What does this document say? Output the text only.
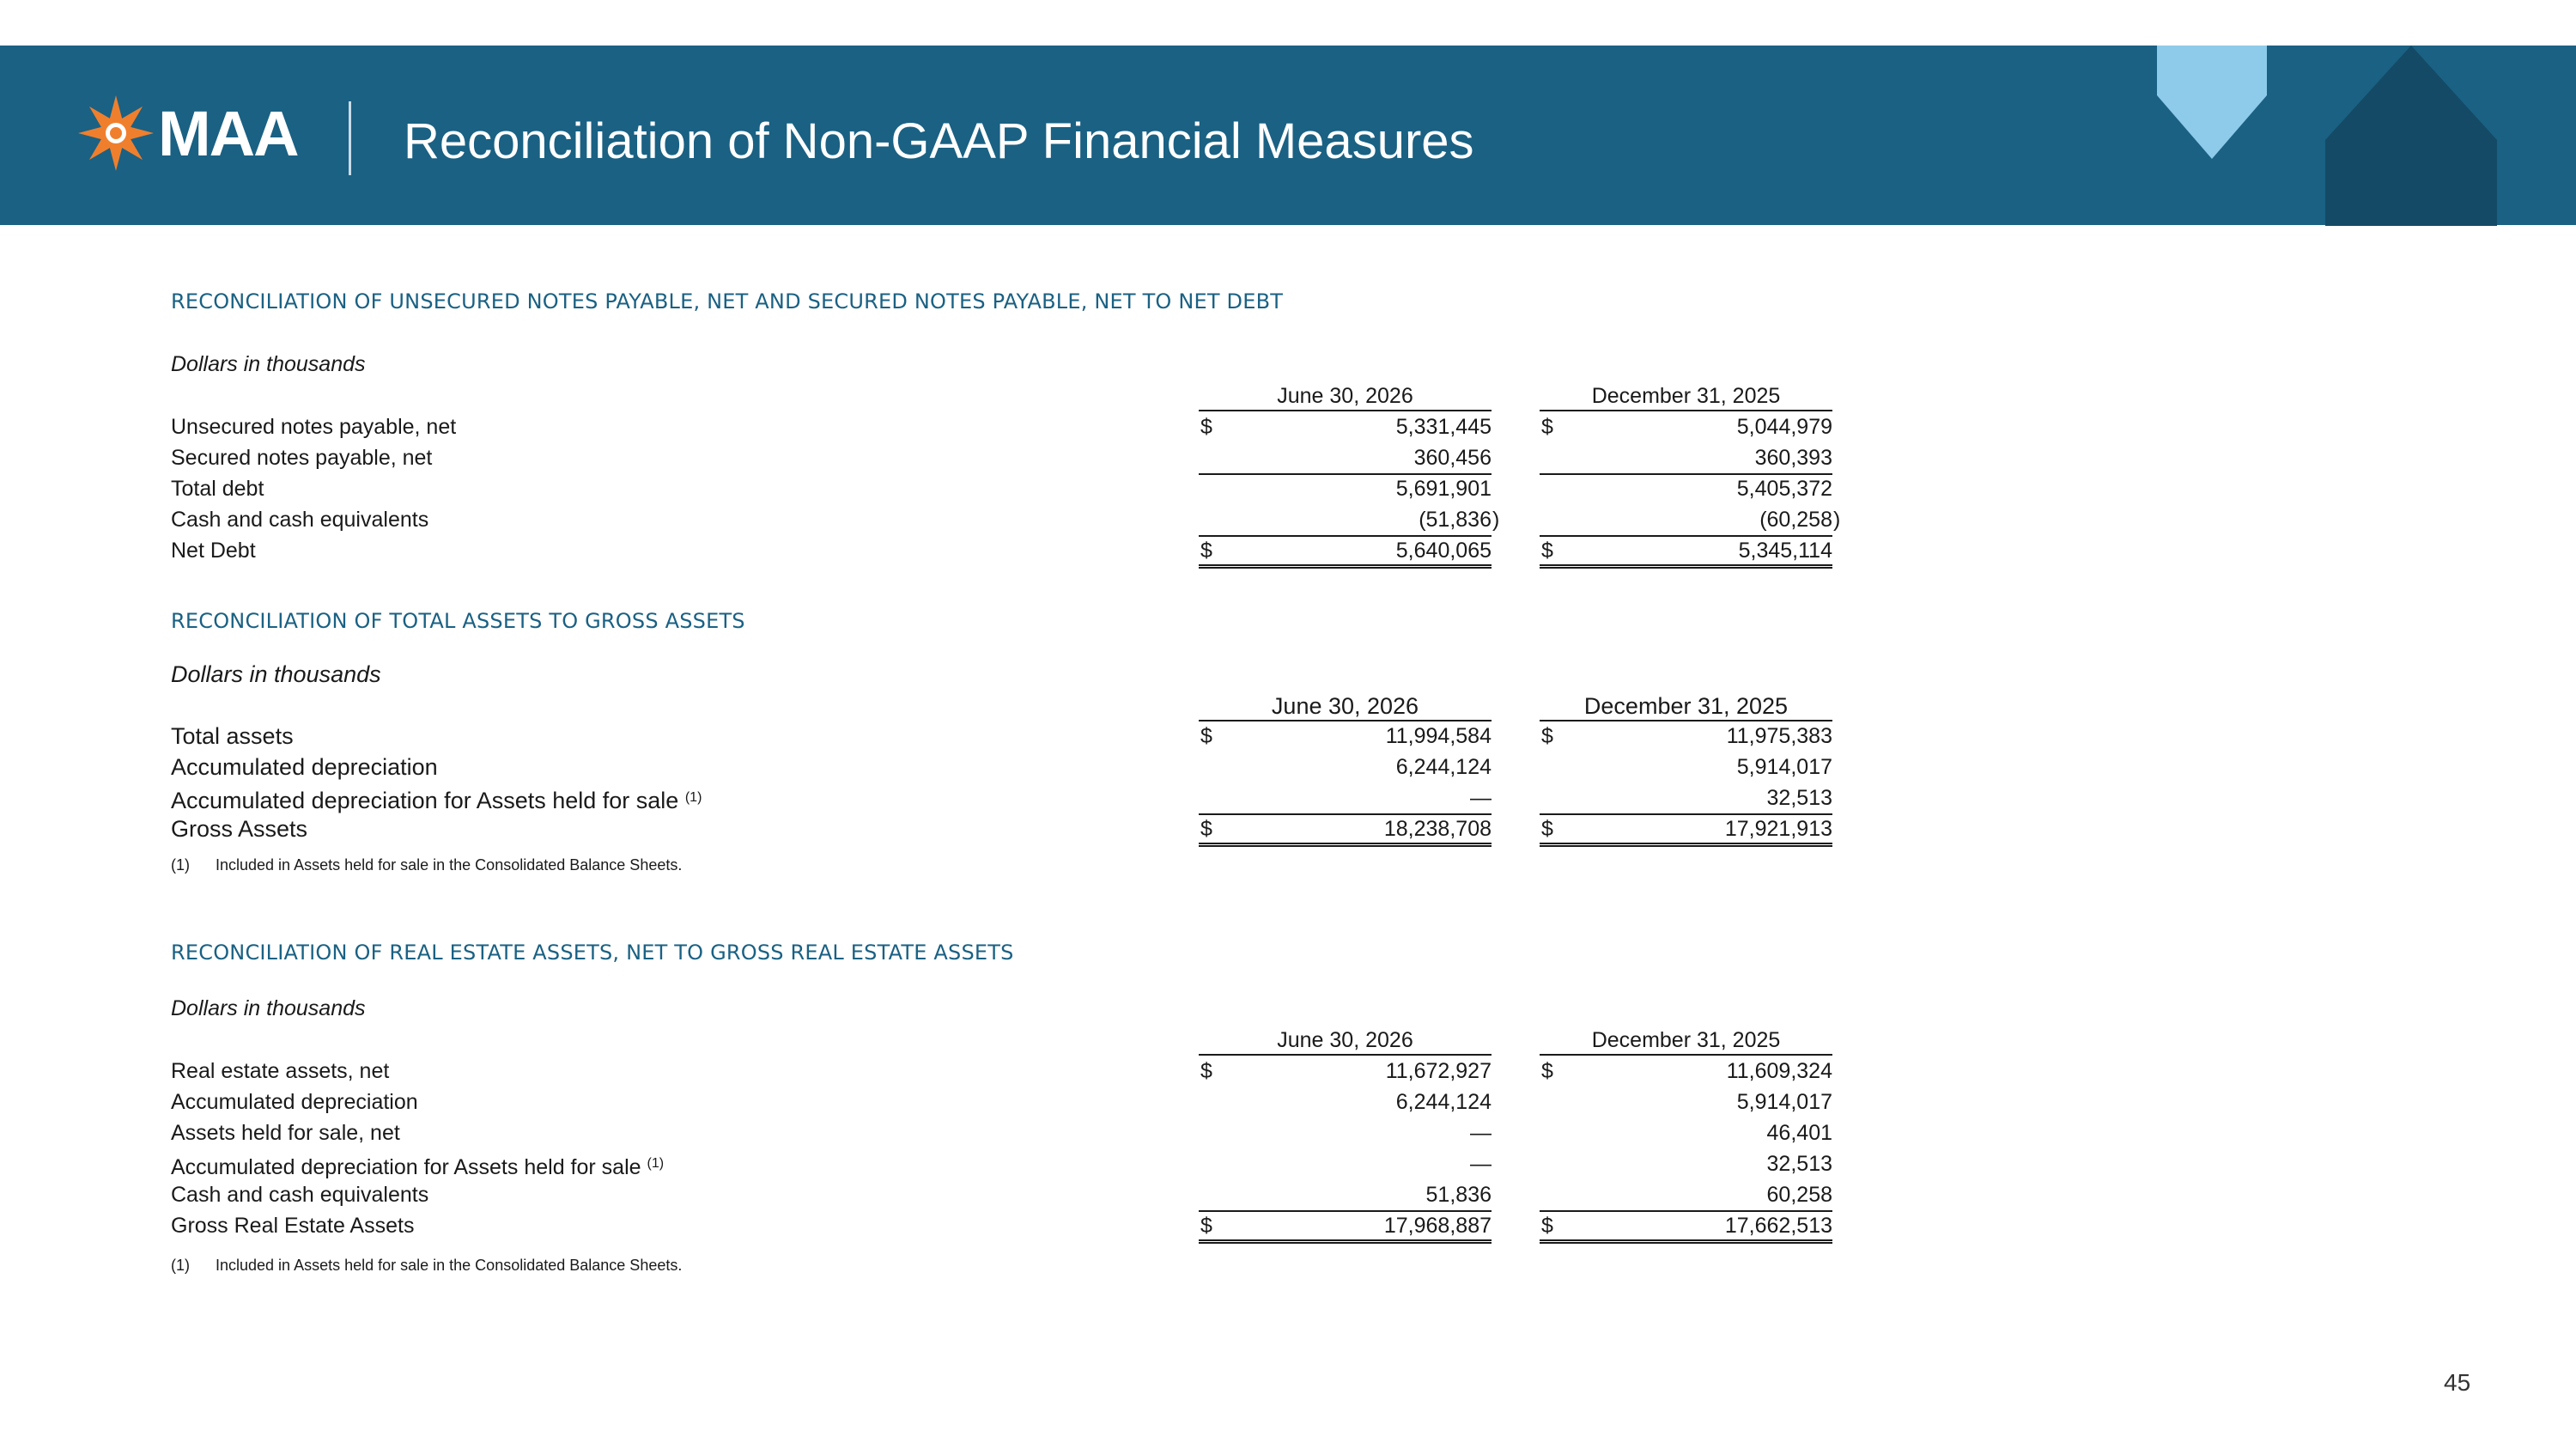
MAA Reconciliation of Non-GAAP Financial Measures
RECONCILIATION OF UNSECURED NOTES PAYABLE, NET AND SECURED NOTES PAYABLE, NET TO NET DEBT
Dollars in thousands
June 30, 2026	December 31, 2025
Unsecured notes payable, net	$	5,331,445 $	5,044,979
Secured notes payable, net	360,456	360,393
Total debt	5,691,901	5,405,372
Cash and cash equivalents	(51,836 )	(60,258 )
Net Debt	$	5,640,065 $	5,345,114
RECONCILIATION OF TOTAL ASSETS TO GROSS ASSETS
Dollars in thousands
June 30, 2026	December 31, 2025
Total assets	$	11,994,584 $	11,975,383
Accumulated depreciation	6,244,124	5,914,017
Accumulated depreciation for Assets held for sale $^{(1)}$	—	32,513
Gross Assets	$	18,238,708 $	17,921,913
(1) Included in Assets held for sale in the Consolidated Balance Sheets.
RECONCILIATION OF REAL ESTATE ASSETS, NET TO GROSS REAL ESTATE ASSETS
Dollars in thousands
June 30, 2026	December 31, 2025
Real estate assets, net	$	11,672,927 $	11,609,324
Accumulated depreciation	6,244,124	5,914,017
Assets held for sale, net	—	46,401
Accumulated depreciation for Assets held for sale $^{(1)}$	—	32,513
Cash and cash equivalents	51,836	60,258
Gross Real Estate Assets	$	17,968,887 $	17,662,513
(1) Included in Assets held for sale in the Consolidated Balance Sheets.
45
